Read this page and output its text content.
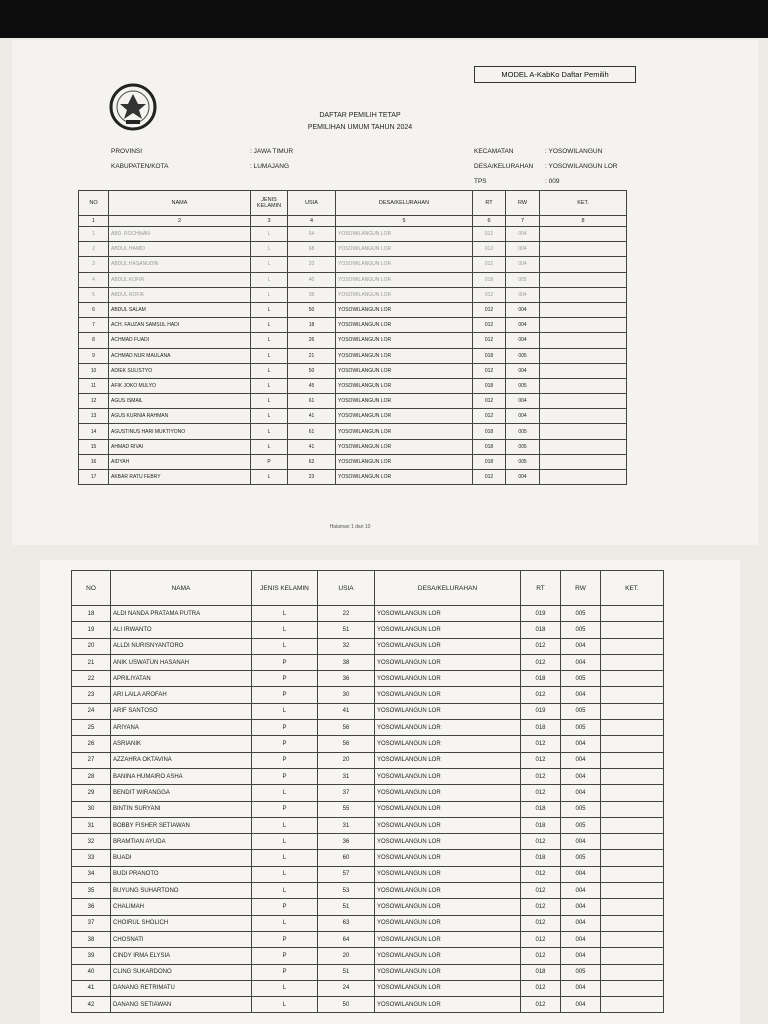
MODEL A-KabKo Daftar Pemilih
DAFTAR PEMILIH TETAP
PEMILIHAN UMUM TAHUN 2024
PROVINSI	: JAWA TIMUR
KABUPATEN/KOTA	: LUMAJANG
KECAMATAN	: YOSOWILANGUN
DESA/KELURAHAN : YOSOWILANGUN LOR
TPS	: 009
NO	NAMA	JENIS KELAMIN	USIA	DESA/KELURAHAN	RT	RW	KET.
1	2	3	4	5	6	7	8
1	ABD. ROCHMAN	L	64	YOSOWILANGUN LOR	012	004	
2	ABDUL HAMID	L	68	YOSOWILANGUN LOR	012	004	
3	ABDUL HASANUDIN	L	33	YOSOWILANGUN LOR	012	004	
4	ABDUL KOFIR	L	40	YOSOWILANGUN LOR	018	005	
5	ABDUL ROFIK	L	38	YOSOWILANGUN LOR	012	004	
6	ABDUL SALAM	L	50	YOSOWILANGUN LOR	012	004	
7	ACH. FAUZAN SAMSUL HADI	L	18	YOSOWILANGUN LOR	012	004	
8	ACHMAD FUADI	L	26	YOSOWILANGUN LOR	012	004	
9	ACHMAD NUR MAULANA	L	21	YOSOWILANGUN LOR	018	005	
10	ADIEK SULISTYO	L	50	YOSOWILANGUN LOR	012	004	
11	AFIK JOKO MULYO	L	45	YOSOWILANGUN LOR	018	005	
12	AGUS ISMAIL	L	61	YOSOWILANGUN LOR	012	004	
13	AGUS KURNIA RAHMAN	L	41	YOSOWILANGUN LOR	012	004	
14	AGUSTINUS HARI MUKTIYONO	L	61	YOSOWILANGUN LOR	018	005	
15	AHMAD RIVAI	L	41	YOSOWILANGUN LOR	018	005	
16	AIDYAH	P	62	YOSOWILANGUN LOR	018	005	
17	AKBAR RATU FEBRY	L	23	YOSOWILANGUN LOR	012	004	
Halaman 1 dari 10
NO	NAMA	JENIS KELAMIN	USIA	DESA/KELURAHAN	RT	RW	KET.
18	ALDI NANDA PRATAMA PUTRA	L	22	YOSOWILANGUN LOR	019	005	
19	ALI IRWANTO	L	51	YOSOWILANGUN LOR	018	005	
20	ALLDI NURISNYANTORO	L	32	YOSOWILANGUN LOR	012	004	
21	ANIK USWATUN HASANAH	P	38	YOSOWILANGUN LOR	012	004	
22	APRILIYATAN	P	36	YOSOWILANGUN LOR	018	005	
23	ARI LAILA AROFAH	P	30	YOSOWILANGUN LOR	012	004	
24	ARIF SANTOSO	L	41	YOSOWILANGUN LOR	019	005	
25	ARIYANA	P	56	YOSOWILANGUN LOR	018	005	
26	ASRIANIK	P	56	YOSOWILANGUN LOR	012	004	
27	AZZAHRA OKTAVINA	P	20	YOSOWILANGUN LOR	012	004	
28	BANINA HUMAIRO ASHA	P	31	YOSOWILANGUN LOR	012	004	
29	BENDIT WIRANGGA	L	37	YOSOWILANGUN LOR	012	004	
30	BINTIN SURYANI	P	55	YOSOWILANGUN LOR	018	005	
31	BOBBY FISHER SETIAWAN	L	31	YOSOWILANGUN LOR	018	005	
32	BRAMTIAN AYUDA	L	36	YOSOWILANGUN LOR	012	004	
33	BUADI	L	60	YOSOWILANGUN LOR	018	005	
34	BUDI PRANOTO	L	57	YOSOWILANGUN LOR	012	004	
35	BUYUNG SUHARTONO	L	53	YOSOWILANGUN LOR	012	004	
36	CHALIMAH	P	51	YOSOWILANGUN LOR	012	004	
37	CHOIRUL SHOLICH	L	63	YOSOWILANGUN LOR	012	004	
38	CHOSNATI	P	64	YOSOWILANGUN LOR	012	004	
39	CINDY IRMA ELYSIA	P	20	YOSOWILANGUN LOR	012	004	
40	CLING SUKARDONO	P	51	YOSOWILANGUN LOR	018	005	
41	DANANG RETRIMATU	L	24	YOSOWILANGUN LOR	012	004	
42	DANANG SETIAWAN	L	50	YOSOWILANGUN LOR	012	004	
